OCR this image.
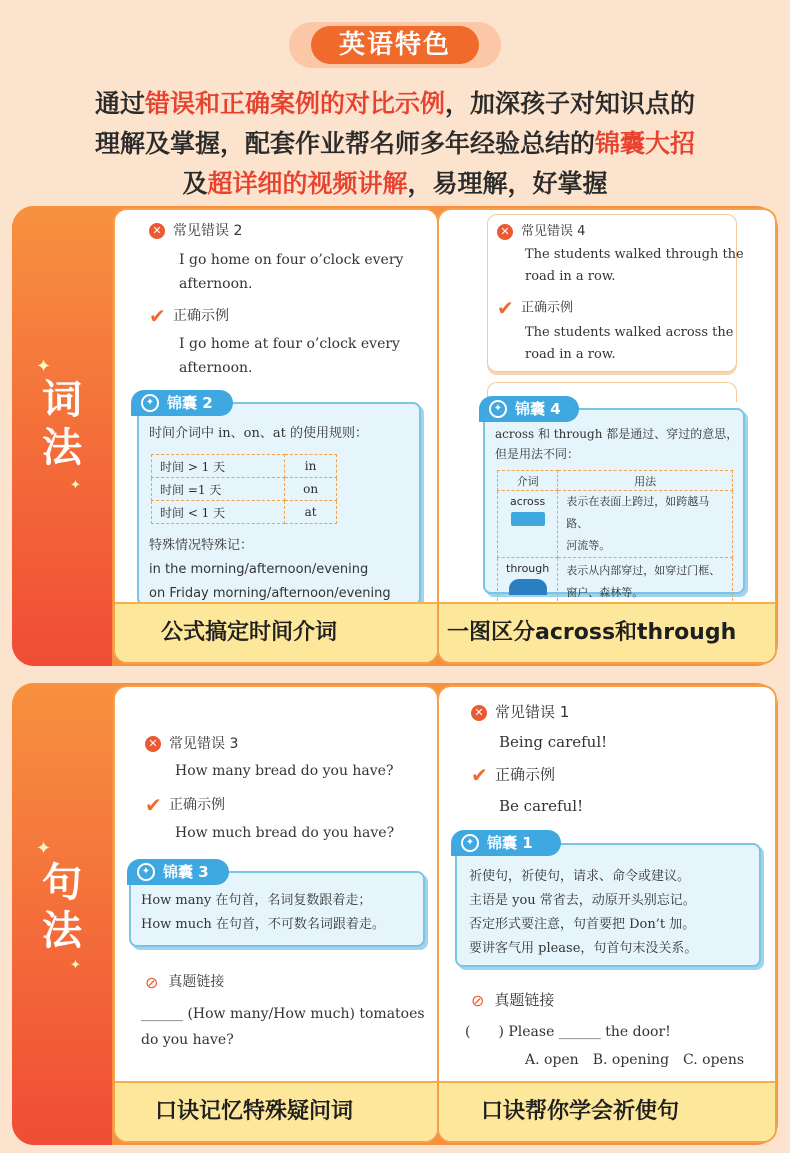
英语特色
通过错误和正确案例的对比示例，加深孩子对知识点的
理解及掌握，配套作业帮名师多年经验总结的锦囊大招
及超详细的视频讲解，易理解，好掌握
✦
词
法
✦
✕ 常见错误 2
I go home on four o’clock every
afternoon.
✔ 正确示例
I go home at four o’clock every
afternoon.
时间介词中 in、on、at 的使用规则：
时间 > 1 天	in
时间 =1 天	on
时间 < 1 天	at
特殊情况特殊记：
in the morning/afternoon/evening
on Friday morning/afternoon/evening
✦ 锦囊 2
公式搞定时间介词
✕ 常见错误 4
The students walked through the
road in a row.
✔ 正确示例
The students walked across the
road in a row.
across 和 through 都是通过、穿过的意思，
但是用法不同：
介词	用法

across	表示在表面上跨过，如跨越马路、
河流等。

through	表示从内部穿过，如穿过门框、
窗户、森林等。
✦ 锦囊 4
一图区分across和through
✦
句
法
✦
✕ 常见错误 3
How many bread do you have?
✔ 正确示例
How much bread do you have?
How many 在句首，名词复数跟着走；
How much 在句首，不可数名词跟着走。
✦ 锦囊 3
⊘ 真题链接
______ (How many/How much) tomatoes
do you have?
口诀记忆特殊疑问词
✕ 常见错误 1
Being careful!
✔ 正确示例
Be careful!
祈使句，祈使句，请求、命令或建议。
主语是 you 常省去，动原开头别忘记。
否定形式要注意，句首要把 Don’t 加。
要讲客气用 please，句首句末没关系。
✦ 锦囊 1
⊘ 真题链接
(　　) Please ______ the door!
A. open　B. opening　C. opens
口诀帮你学会祈使句
